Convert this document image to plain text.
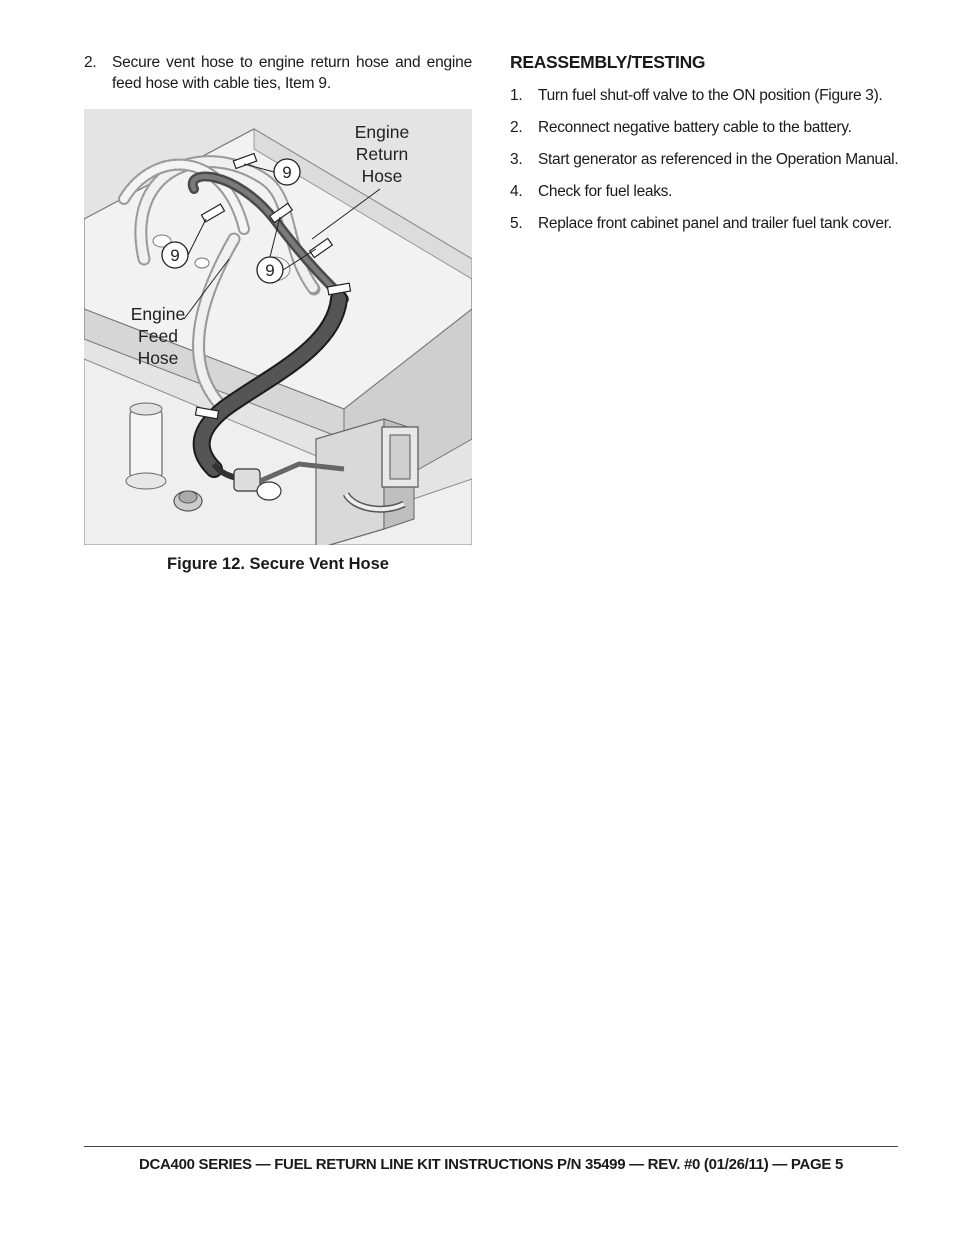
2. Secure vent hose to engine return hose and engine feed hose with cable ties, Item 9.
9
9
9
Engine
Return
Hose
Engine
Feed
Hose
Figure 12. Secure Vent Hose
REASSEMBLY/TESTING
1.	Turn fuel shut-off valve to the ON position (Figure 3).
2.	Reconnect negative battery cable to the battery.
3.	Start generator as referenced in the Operation Manual.
4.	Check for fuel leaks.
5.	Replace front cabinet panel and trailer fuel tank cover.
DCA400 SERIES — FUEL RETURN LINE KIT INSTRUCTIONS P/N 35499 — REV. #0 (01/26/11) — PAGE 5
